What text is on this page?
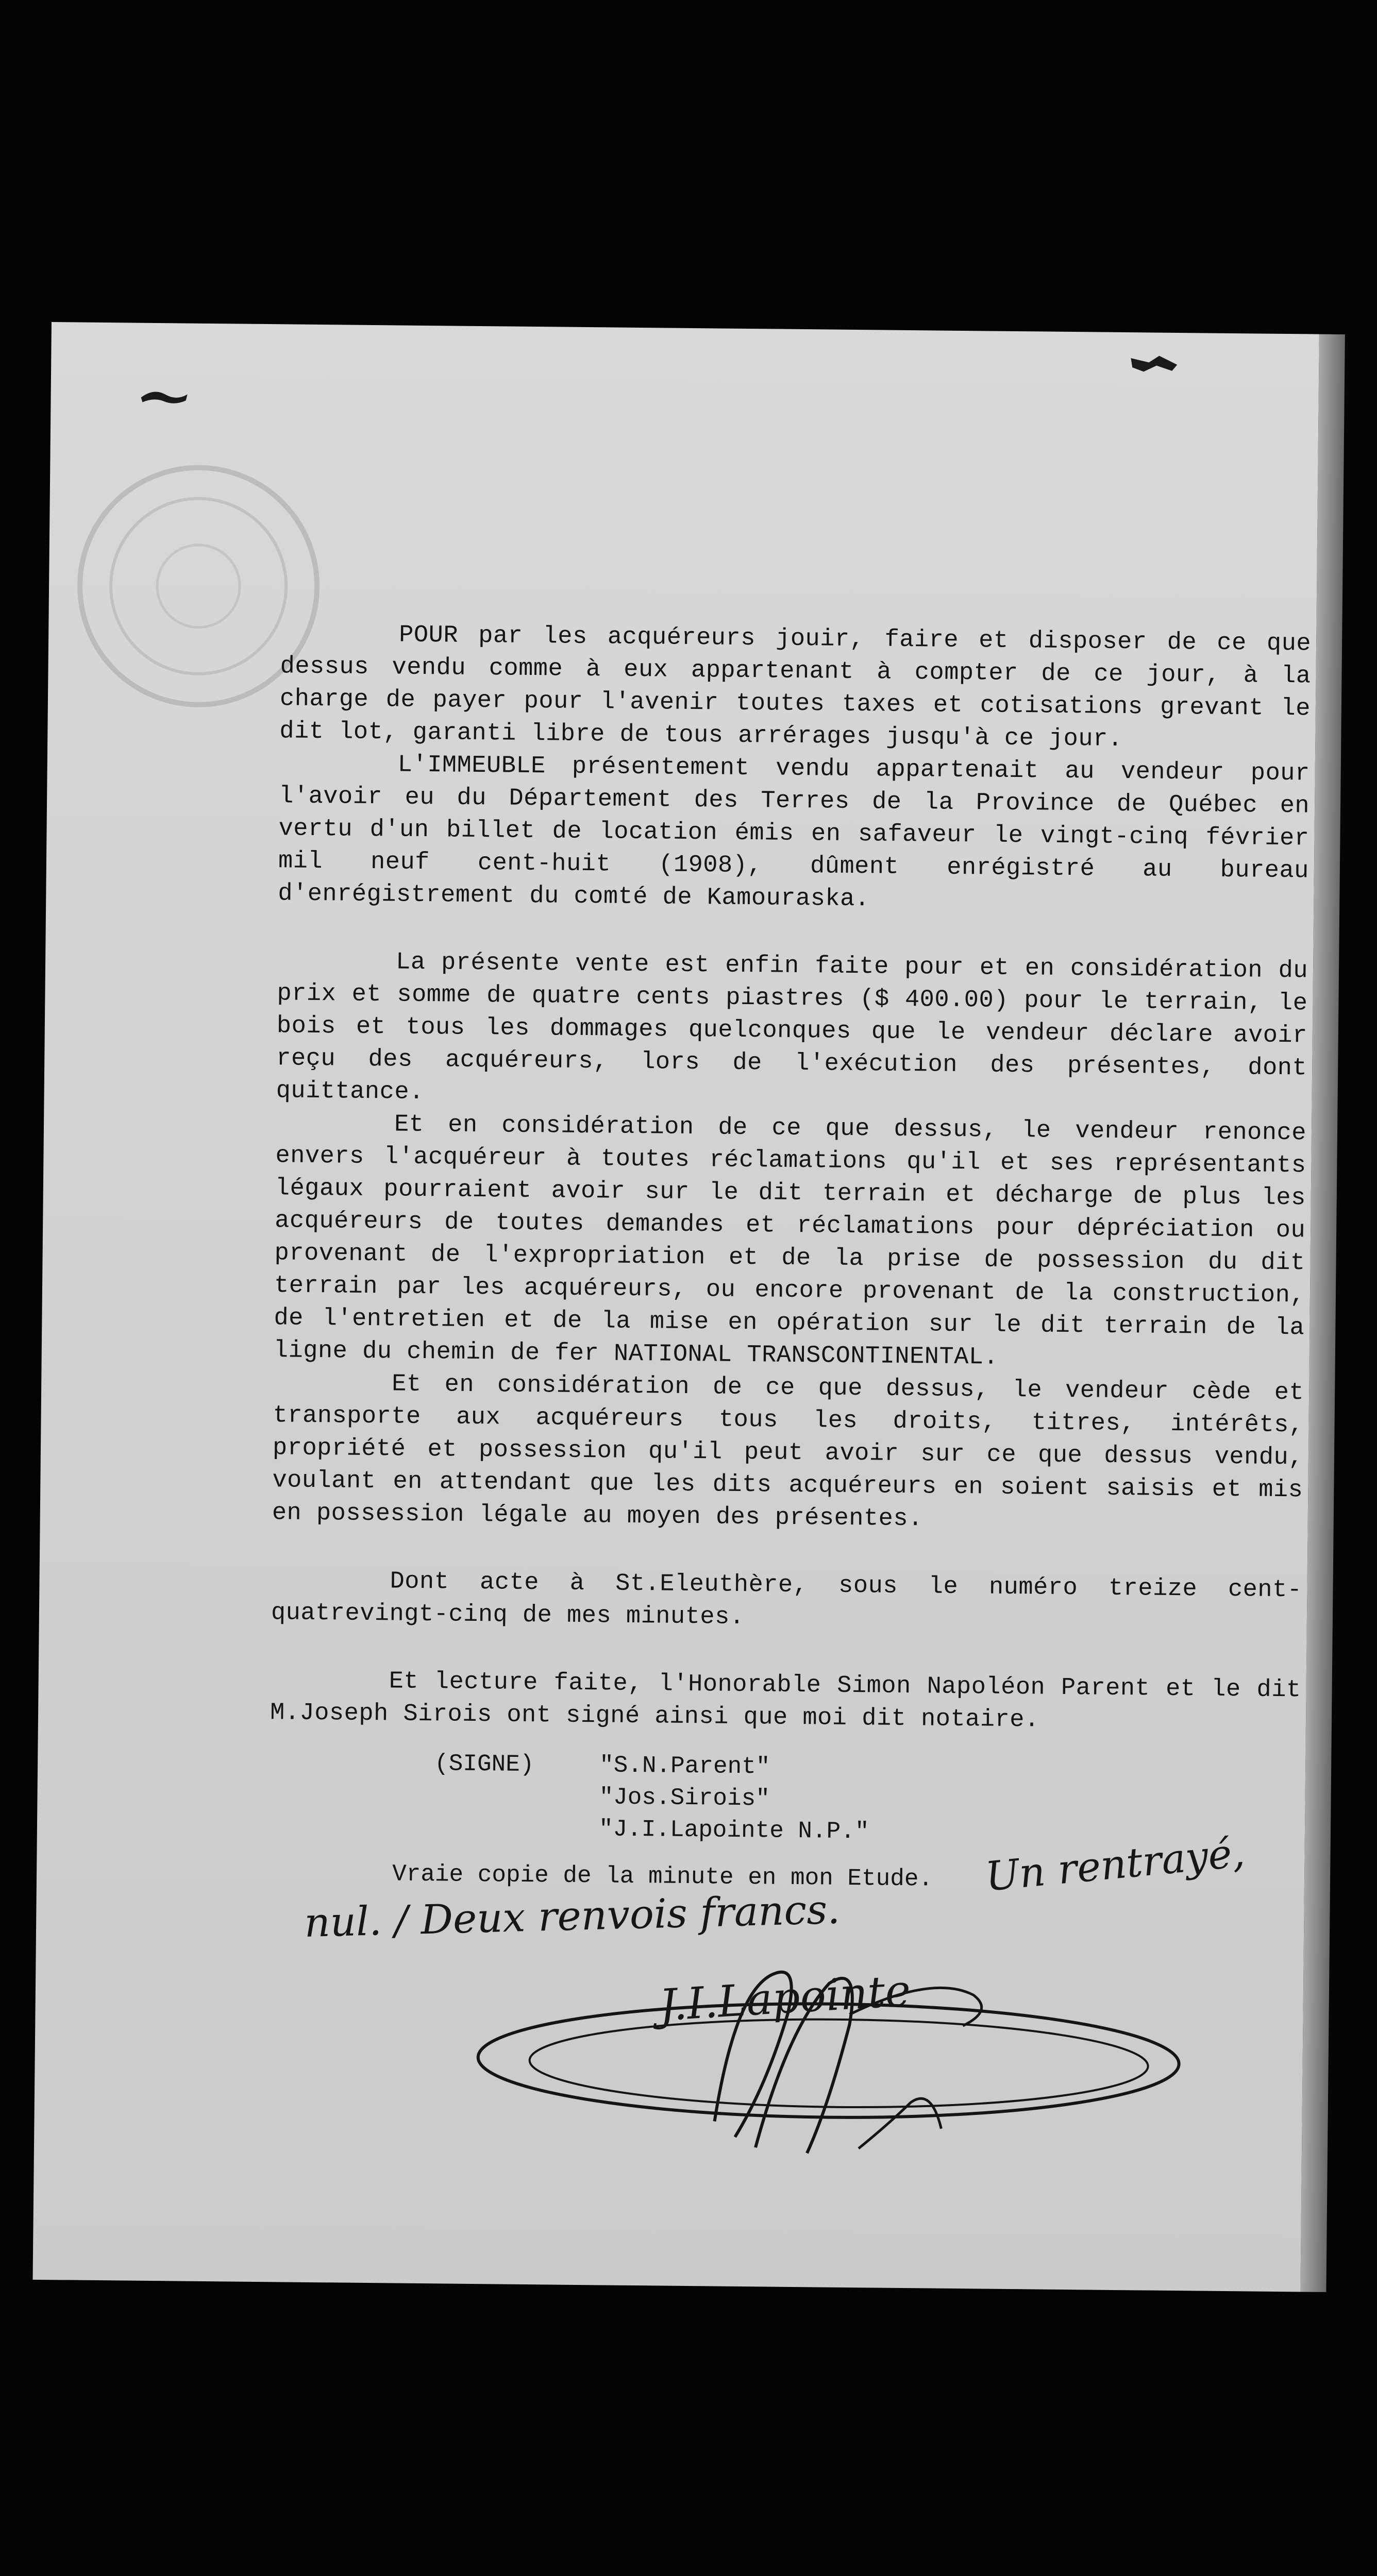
POUR par les acquéreurs jouir, faire et disposer de ce que dessus vendu comme à eux appartenant à compter de ce jour, à la charge de payer pour l'avenir toutes taxes et cotisations grevant le dit lot, garanti libre de tous arrérages jusqu'à ce jour.

L'IMMEUBLE présentement vendu appartenait au vendeur pour l'avoir eu du Département des Terres de la Province de Québec en vertu d'un billet de location émis en safaveur le vingt-cinq février mil neuf cent-huit (1908), dûment enrégistré au bureau d'enrégistrement du comté de Kamouraska.

La présente vente est enfin faite pour et en considération du prix et somme de quatre cents piastres ($ 400.00) pour le terrain, le bois et tous les dommages quelconques que le vendeur déclare avoir reçu des acquéreurs, lors de l'exécution des présentes, dont quittance.

Et en considération de ce que dessus, le vendeur renonce envers l'acquéreur à toutes réclamations qu'il et ses représentants légaux pourraient avoir sur le dit terrain et décharge de plus les acquéreurs de toutes demandes et réclamations pour dépréciation ou provenant de l'expropriation et de la prise de possession du dit terrain par les acquéreurs, ou encore provenant de la construction, de l'entretien et de la mise en opération sur le dit terrain de la ligne du chemin de fer NATIONAL TRANSCONTINENTAL.

Et en considération de ce que dessus, le vendeur cède et transporte aux acquéreurs tous les droits, titres, intérêts, propriété et possession qu'il peut avoir sur ce que dessus vendu, voulant en attendant que les dits acquéreurs en soient saisis et mis en possession légale au moyen des présentes.

Dont acte à St.Eleuthère, sous le numéro treize cent-quatrevingt-cinq de mes minutes.

Et lecture faite, l'Honorable Simon Napoléon Parent et le dit M.Joseph Sirois ont signé ainsi que moi dit notaire.

(SIGNE)	"S.N.Parent"
"Jos.Sirois"
"J.I.Lapointe N.P."
Vraie copie de la minute en mon Etude. Un rentrayé,
nul. / Deux renvois francs.
J.I.Lapointe
